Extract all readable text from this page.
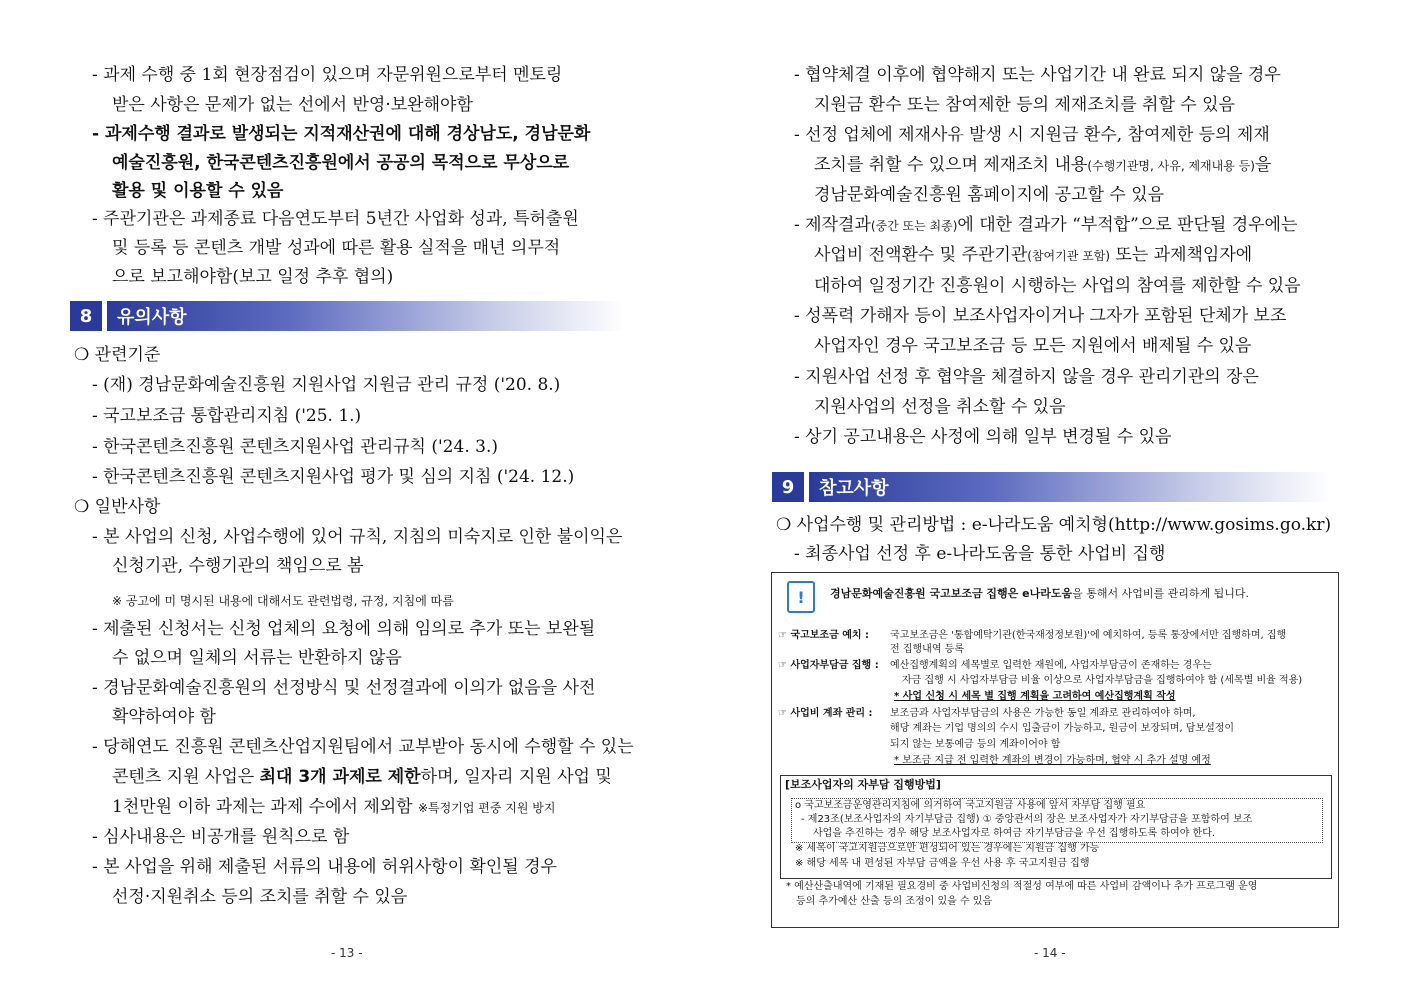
- 과제 수행 중 1회 현장점검이 있으며 자문위원으로부터 멘토링
받은 사항은 문제가 없는 선에서 반영·보완해야함
- 과제수행 결과로 발생되는 지적재산권에 대해 경상남도, 경남문화
예술진흥원, 한국콘텐츠진흥원에서 공공의 목적으로 무상으로
활용 및 이용할 수 있음
- 주관기관은 과제종료 다음연도부터 5년간 사업화 성과, 특허출원
및 등록 등 콘텐츠 개발 성과에 따른 활용 실적을 매년 의무적
으로 보고해야함(보고 일정 추후 협의)
8	유의사항
❍ 관련기준
- (재) 경남문화예술진흥원 지원사업 지원금 관리 규정 ('20. 8.)
- 국고보조금 통합관리지침 ('25. 1.)
- 한국콘텐츠진흥원 콘텐츠지원사업 관리규칙 ('24. 3.)
- 한국콘텐츠진흥원 콘텐츠지원사업 평가 및 심의 지침 ('24. 12.)
❍ 일반사항
- 본 사업의 신청, 사업수행에 있어 규칙, 지침의 미숙지로 인한 불이익은
신청기관, 수행기관의 책임으로 봄
※ 공고에 미 명시된 내용에 대해서도 관련법령, 규정, 지침에 따름
- 제출된 신청서는 신청 업체의 요청에 의해 임의로 추가 또는 보완될
수 없으며 일체의 서류는 반환하지 않음
- 경남문화예술진흥원의 선정방식 및 선정결과에 이의가 없음을 사전
확약하여야 함
- 당해연도 진흥원 콘텐츠산업지원팀에서 교부받아 동시에 수행할 수 있는
콘텐츠 지원 사업은 최대 3개 과제로 제한하며, 일자리 지원 사업 및
1천만원 이하 과제는 과제 수에서 제외함 ※특정기업 편중 지원 방지
- 심사내용은 비공개를 원칙으로 함
- 본 사업을 위해 제출된 서류의 내용에 허위사항이 확인될 경우
선정·지원취소 등의 조치를 취할 수 있음
- 13 -
- 협약체결 이후에 협약해지 또는 사업기간 내 완료 되지 않을 경우
지원금 환수 또는 참여제한 등의 제재조치를 취할 수 있음
- 선정 업체에 제재사유 발생 시 지원금 환수, 참여제한 등의 제재
조치를 취할 수 있으며 제재조치 내용(수행기관명, 사유, 제재내용 등)을
경남문화예술진흥원 홈페이지에 공고할 수 있음
- 제작결과(중간 또는 최종)에 대한 결과가 “부적합”으로 판단될 경우에는
사업비 전액환수 및 주관기관(참여기관 포함) 또는 과제책임자에
대하여 일정기간 진흥원이 시행하는 사업의 참여를 제한할 수 있음
- 성폭력 가해자 등이 보조사업자이거나 그자가 포함된 단체가 보조
사업자인 경우 국고보조금 등 모든 지원에서 배제될 수 있음
- 지원사업 선정 후 협약을 체결하지 않을 경우 관리기관의 장은
지원사업의 선정을 취소할 수 있음
- 상기 공고내용은 사정에 의해 일부 변경될 수 있음
9	참고사항
❍ 사업수행 및 관리방법 : e-나라도움 예치형(http://www.gosims.go.kr)
- 최종사업 선정 후 e-나라도움을 통한 사업비 집행
!	경남문화예술진흥원 국고보조금 집행은 e나라도움을 통해서 사업비를 관리하게 됩니다.
☞ 국고보조금 예치 : 국고보조금은 '통합예탁기관(한국재정정보원)'에 예치하여, 등록 통장에서만 집행하며, 집행
전 집행내역 등록
☞ 사업자부담금 집행 : 예산집행계획의 세목별로 입력한 재원에, 사업자부담금이 존재하는 경우는
자금 집행 시 사업자부담금 비율 이상으로 사업자부담금을 집행하여야 함 (세목별 비율 적용)
* 사업 신청 시 세목 별 집행 계획을 고려하여 예산집행계획 작성
☞ 사업비 계좌 관리 : 보조금과 사업자부담금의 사용은 가능한 동일 계좌로 관리하여야 하며,
해당 계좌는 기업 명의의 수시 입출금이 가능하고, 원금이 보장되며, 담보설정이
되지 않는 보통예금 등의 계좌이어야 함
* 보조금 지급 전 입력한 계좌의 변경이 가능하며, 협약 시 추가 설명 예정
[보조사업자의 자부담 집행방법]
o 국고보조금운영관리지침에 의거하여 국고지원금 사용에 앞서 자부담 집행 필요
- 제23조(보조사업자의 자기부담금 집행) ① 중앙관서의 장은 보조사업자가 자기부담금을 포함하여 보조
사업을 추진하는 경우 해당 보조사업자로 하여금 자기부담금을 우선 집행하도록 하여야 한다.
※ 세목이 국고지원금으로만 편성되어 있는 경우에는 지원금 집행 가능
※ 해당 세목 내 편성된 자부담 금액을 우선 사용 후 국고지원금 집행
* 예산산출내역에 기재된 필요경비 중 사업비신청의 적절성 여부에 따른 사업비 감액이나 추가 프로그램 운영
등의 추가예산 산출 등의 조정이 있을 수 있음
- 14 -
